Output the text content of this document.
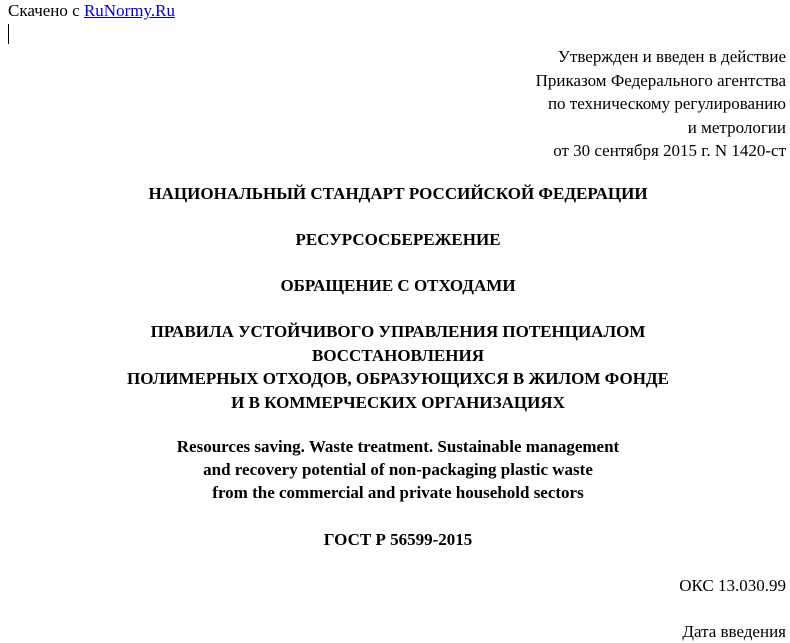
Скачено с RuNormy.Ru
Утвержден и введен в действие
Приказом Федерального агентства
по техническому регулированию
и метрологии
от 30 сентября 2015 г. N 1420-ст
НАЦИОНАЛЬНЫЙ СТАНДАРТ РОССИЙСКОЙ ФЕДЕРАЦИИ
РЕСУРСОСБЕРЕЖЕНИЕ
ОБРАЩЕНИЕ С ОТХОДАМИ
ПРАВИЛА УСТОЙЧИВОГО УПРАВЛЕНИЯ ПОТЕНЦИАЛОМ
ВОССТАНОВЛЕНИЯ
ПОЛИМЕРНЫХ ОТХОДОВ, ОБРАЗУЮЩИХСЯ В ЖИЛОМ ФОНДЕ
И В КОММЕРЧЕСКИХ ОРГАНИЗАЦИЯХ
Resources saving. Waste treatment. Sustainable management
and recovery potential of non-packaging plastic waste
from the commercial and private household sectors
ГОСТ Р 56599-2015
ОКС 13.030.99
Дата введения
